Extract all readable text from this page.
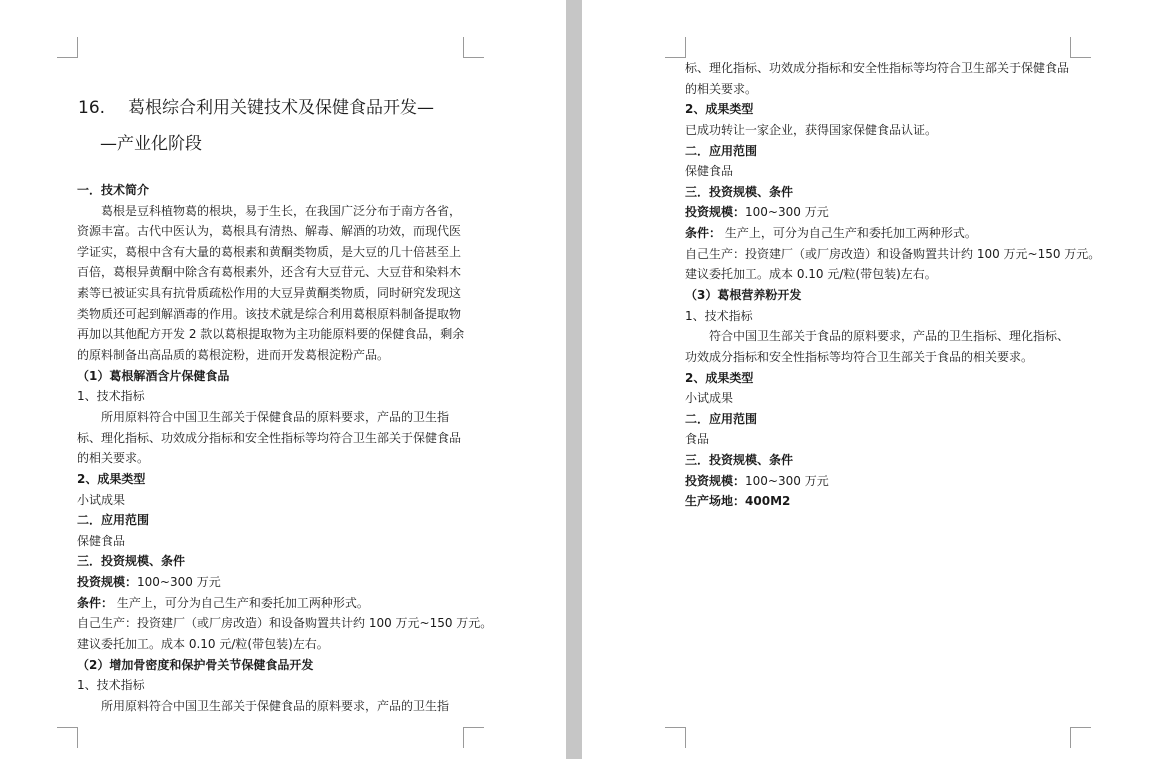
16. 葛根综合利用关键技术及保健食品开发—
—产业化阶段
一．技术简介
葛根是豆科植物葛的根块，易于生长，在我国广泛分布于南方各省，
资源丰富。古代中医认为，葛根具有清热、解毒、解酒的功效，而现代医
学证实，葛根中含有大量的葛根素和黄酮类物质，是大豆的几十倍甚至上
百倍，葛根异黄酮中除含有葛根素外，还含有大豆苷元、大豆苷和染料木
素等已被证实具有抗骨质疏松作用的大豆异黄酮类物质，同时研究发现这
类物质还可起到解酒毒的作用。该技术就是综合利用葛根原料制备提取物
再加以其他配方开发 2 款以葛根提取物为主功能原料要的保健食品，剩余
的原料制备出高品质的葛根淀粉，进而开发葛根淀粉产品。
（1）葛根解酒含片保健食品
1、技术指标
所用原料符合中国卫生部关于保健食品的原料要求，产品的卫生指
标、理化指标、功效成分指标和安全性指标等均符合卫生部关于保健食品
的相关要求。
2、成果类型
小试成果
二．应用范围
保健食品
三．投资规模、条件
投资规模：100~300 万元
条件： 生产上，可分为自己生产和委托加工两种形式。
自己生产：投资建厂（或厂房改造）和设备购置共计约 100 万元~150 万元。
建议委托加工。成本 0.10 元/粒(带包装)左右。
（2）增加骨密度和保护骨关节保健食品开发
1、技术指标
所用原料符合中国卫生部关于保健食品的原料要求，产品的卫生指
标、理化指标、功效成分指标和安全性指标等均符合卫生部关于保健食品
的相关要求。
2、成果类型
已成功转让一家企业，获得国家保健食品认证。
二．应用范围
保健食品
三．投资规模、条件
投资规模：100~300 万元
条件： 生产上，可分为自己生产和委托加工两种形式。
自己生产：投资建厂（或厂房改造）和设备购置共计约 100 万元~150 万元。
建议委托加工。成本 0.10 元/粒(带包装)左右。
（3）葛根营养粉开发
1、技术指标
符合中国卫生部关于食品的原料要求，产品的卫生指标、理化指标、
功效成分指标和安全性指标等均符合卫生部关于食品的相关要求。
2、成果类型
小试成果
二．应用范围
食品
三．投资规模、条件
投资规模：100~300 万元
生产场地：400M2
